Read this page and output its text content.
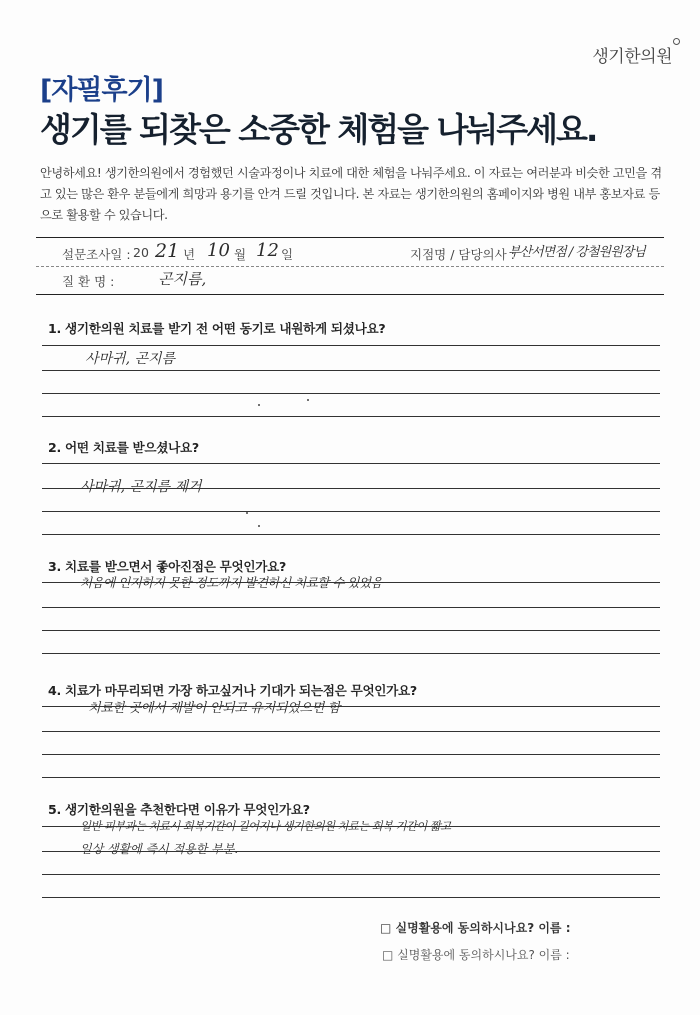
생기한의원
[자필후기]
생기를 되찾은 소중한 체험을 나눠주세요.
안녕하세요! 생기한의원에서 경험했던 시술과정이나 치료에 대한 체험을 나눠주세요. 이 자료는 여러분과 비슷한 고민을 겪고 있는 많은 환우 분들에게 희망과 용기를 안겨 드릴 것입니다. 본 자료는 생기한의원의 홈페이지와 병원 내부 홍보자료 등으로 활용할 수 있습니다.
설문조사일 : 20 21 년 10 월 12 일	지점명 / 담당의사 :
부산서면점 / 강철원원장님
질 환 명 :	곤지름,
1. 생기한의원 치료를 받기 전 어떤 동기로 내원하게 되셨나요?
사마귀, 곤지름
2. 어떤 치료를 받으셨나요?
사마귀, 곤지름 제거
3. 치료를 받으면서 좋아진점은 무엇인가요?
처음에 인지하지 못한 정도까지 발견하신 치료할 수 있었음
4. 치료가 마무리되면 가장 하고싶거나 기대가 되는점은 무엇인가요?
치료한 곳에서 재발이 안되고 유지되었으면 함
5. 생기한의원을 추천한다면 이유가 무엇인가요?
일반 피부과는 치료시 회복기간이 길어지나 생기한의원 치료는 회복 기간이 짧고
일상 생활에 즉시 적용한 부분.
□ 실명활용에 동의하시나요? 이름 :
□ 실명활용에 동의하시나요? 이름 :
